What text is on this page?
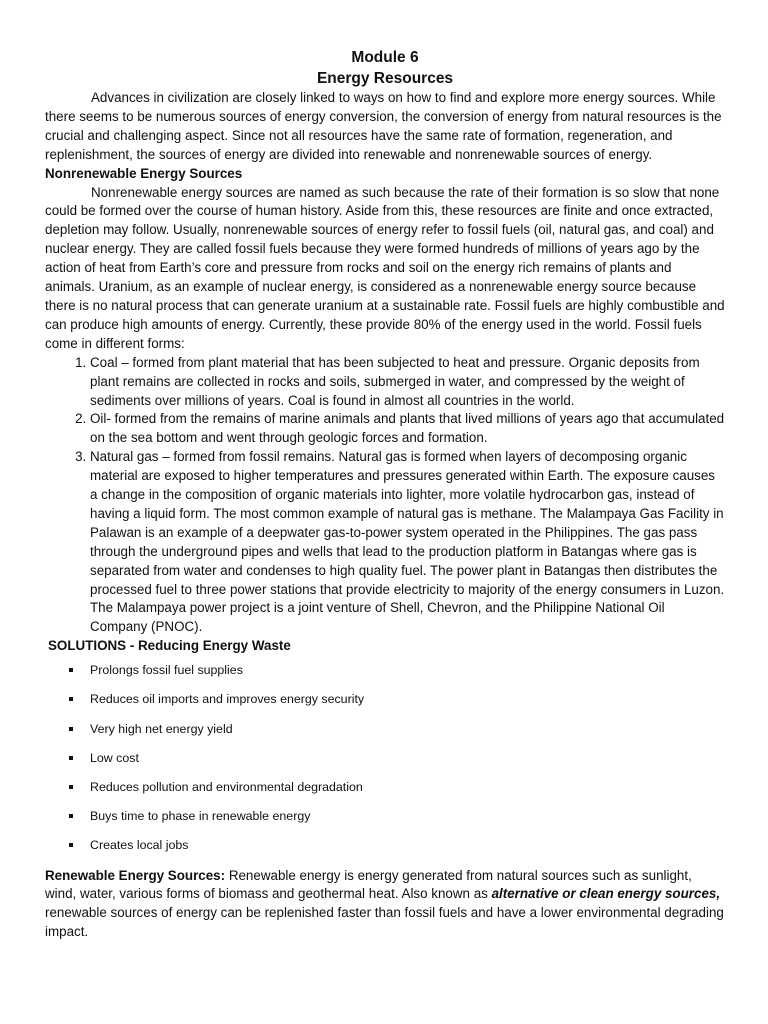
Module 6
Energy Resources

Advances in civilization are closely linked to ways on how to find and explore more energy sources. While there seems to be numerous sources of energy conversion, the conversion of energy from natural resources is the crucial and challenging aspect. Since not all resources have the same rate of formation, regeneration, and replenishment, the sources of energy are divided into renewable and nonrenewable sources of energy.

Nonrenewable Energy Sources

Nonrenewable energy sources are named as such because the rate of their formation is so slow that none could be formed over the course of human history. Aside from this, these resources are finite and once extracted, depletion may follow. Usually, nonrenewable sources of energy refer to fossil fuels (oil, natural gas, and coal) and nuclear energy. They are called fossil fuels because they were formed hundreds of millions of years ago by the action of heat from Earth’s core and pressure from rocks and soil on the energy rich remains of plants and animals. Uranium, as an example of nuclear energy, is considered as a nonrenewable energy source because there is no natural process that can generate uranium at a sustainable rate. Fossil fuels are highly combustible and can produce high amounts of energy. Currently, these provide 80% of the energy used in the world. Fossil fuels come in different forms:

1. Coal – formed from plant material that has been subjected to heat and pressure. Organic deposits from plant remains are collected in rocks and soils, submerged in water, and compressed by the weight of sediments over millions of years. Coal is found in almost all countries in the world.
2. Oil- formed from the remains of marine animals and plants that lived millions of years ago that accumulated on the sea bottom and went through geologic forces and formation.
3. Natural gas – formed from fossil remains. Natural gas is formed when layers of decomposing organic material are exposed to higher temperatures and pressures generated within Earth. The exposure causes a change in the composition of organic materials into lighter, more volatile hydrocarbon gas, instead of having a liquid form. The most common example of natural gas is methane. The Malampaya Gas Facility in Palawan is an example of a deepwater gas-to-power system operated in the Philippines. The gas pass through the underground pipes and wells that lead to the production platform in Batangas where gas is separated from water and condenses to high quality fuel. The power plant in Batangas then distributes the processed fuel to three power stations that provide electricity to majority of the energy consumers in Luzon. The Malampaya power project is a joint venture of Shell, Chevron, and the Philippine National Oil Company (PNOC).

SOLUTIONS - Reducing Energy Waste

Prolongs fossil fuel supplies
Reduces oil imports and improves energy security
Very high net energy yield
Low cost
Reduces pollution and environmental degradation
Buys time to phase in renewable energy
Creates local jobs

Renewable Energy Sources: Renewable energy is energy generated from natural sources such as sunlight, wind, water, various forms of biomass and geothermal heat. Also known as alternative or clean energy sources, renewable sources of energy can be replenished faster than fossil fuels and have a lower environmental degrading impact.
